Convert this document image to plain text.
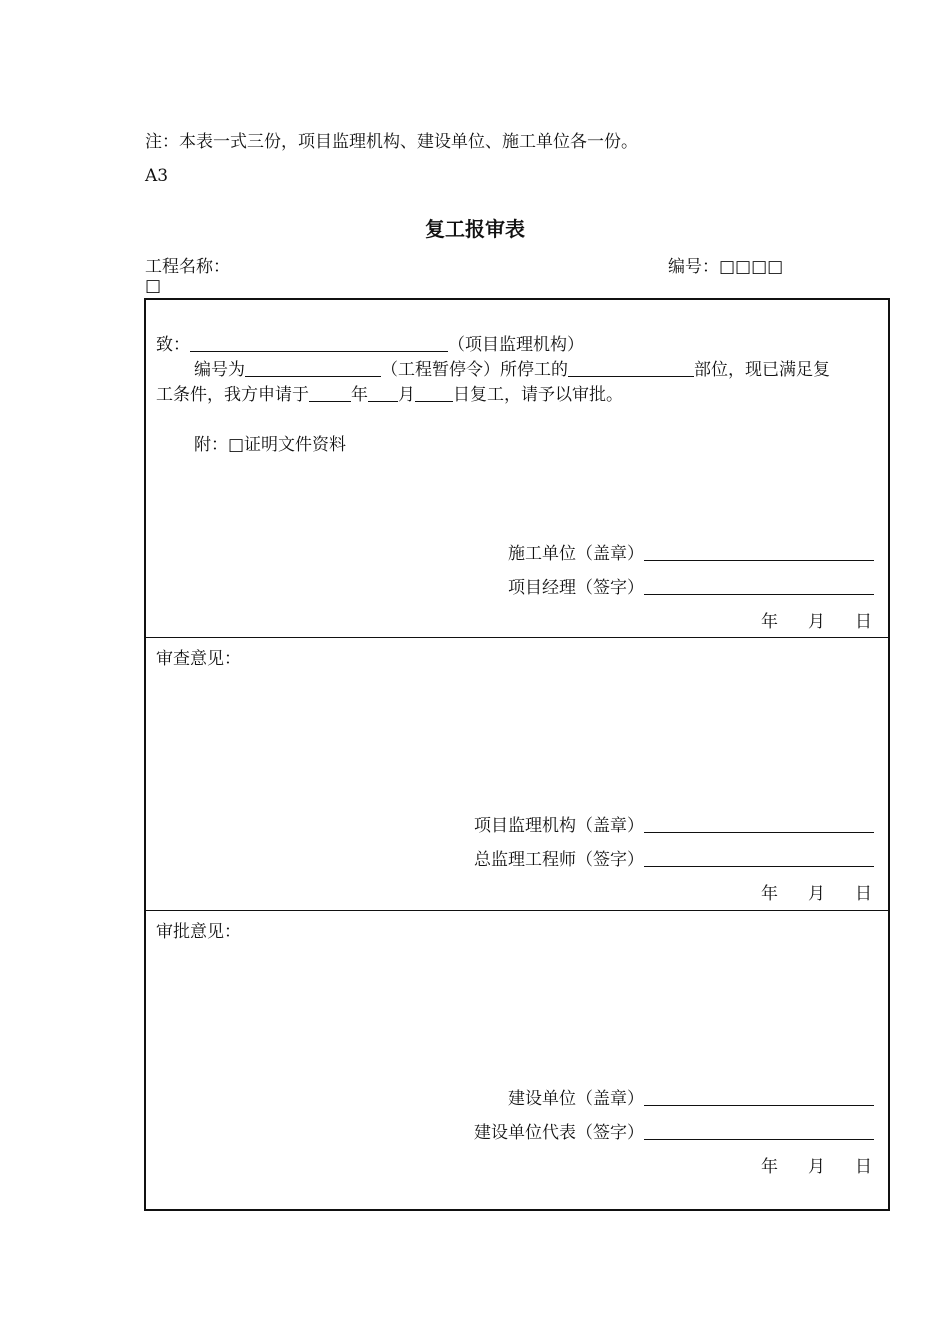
注：本表一式三份，项目监理机构、建设单位、施工单位各一份。
A3
复工报审表
工程名称：	编号：□□□□
□
致：	（项目监理机构）
编号为	（工程暂停令）所停工的	部位，现已满足复
工条件，我方申请于 年 月 日复工，请予以审批。
附：□证明文件资料
施工单位（盖章）
项目经理（签字）
年 月 日
审查意见：
项目监理机构（盖章）
总监理工程师（签字）
年 月 日
审批意见：
建设单位（盖章）
建设单位代表（签字）
年 月 日
